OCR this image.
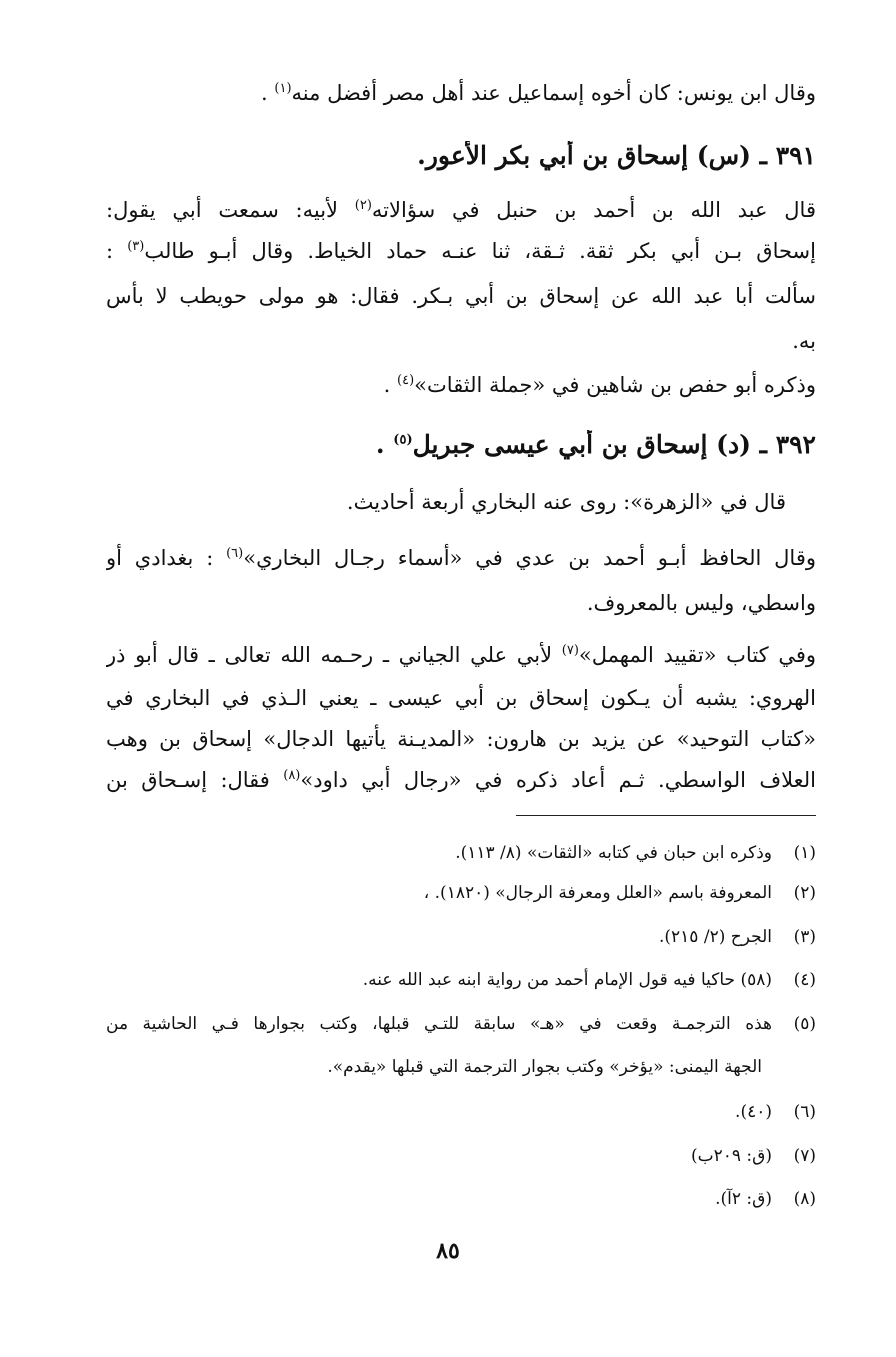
وقال ابن يونس: كان أخوه إسماعيل عند أهل مصر أفضل منه$^{(١)}$ .
٣٩١ ـ (س) إسحاق بن أبي بكر الأعور.
قال عبد الله بن أحمد بن حنبل في سؤالاته$^{(٢)}$ لأبيه: سمعت أبي يقول:
إسحاق بـن أبي بكر ثقة. ثـقة، ثنا عنـه حماد الخياط. وقال أبـو طالب$^{(٣)}$ :
سألت أبا عبد الله عن إسحاق بن أبي بـكر. فقال: هو مولى حويطب لا بأس
به.
وذكره أبو حفص بن شاهين في «جملة الثقات»$^{(٤)}$ .
٣٩٢ ـ (د) إسحاق بن أبي عيسى جبريل$^{(٥)}$ .
قال في «الزهرة»: روى عنه البخاري أربعة أحاديث.
وقال الحافظ أبـو أحمد بن عدي في «أسماء رجـال البخاري»$^{(٦)}$ : بغدادي أو
واسطي، وليس بالمعروف.
وفي كتاب «تقييد المهمل»$^{(٧)}$ لأبي علي الجياني ـ رحـمه الله تعالى ـ قال أبو ذر
الهروي: يشبه أن يـكون إسحاق بن أبي عيسى ـ يعني الـذي في البخاري في
«كتاب التوحيد» عن يزيد بن هارون: «المديـنة يأتيها الدجال» إسحاق بن وهب
العلاف الواسطي. ثـم أعاد ذكره في «رجال أبي داود»$^{(٨)}$ فقال: إسـحاق بن
(١)وذكره ابن حبان في كتابه «الثقات» (٨/ ١١٣).
(٢)المعروفة باسم «العلل ومعرفة الرجال» (١٨٢٠). ،
(٣)الجرح (٢/ ٢١٥).
(٤)(٥٨) حاكيا فيه قول الإمام أحمد من رواية ابنه عبد الله عنه.
(٥)هذه الترجمـة وقعت في «هـ» سابقة للتـي قبلها، وكتب بجوارها فـي الحاشية من
الجهة اليمنى: «يؤخر» وكتب بجوار الترجمة التي قبلها «يقدم».
(٦)(٤٠).
(٧)(ق: ٢٠٩ب)
(٨)(ق: ٢آ).
٨٥
